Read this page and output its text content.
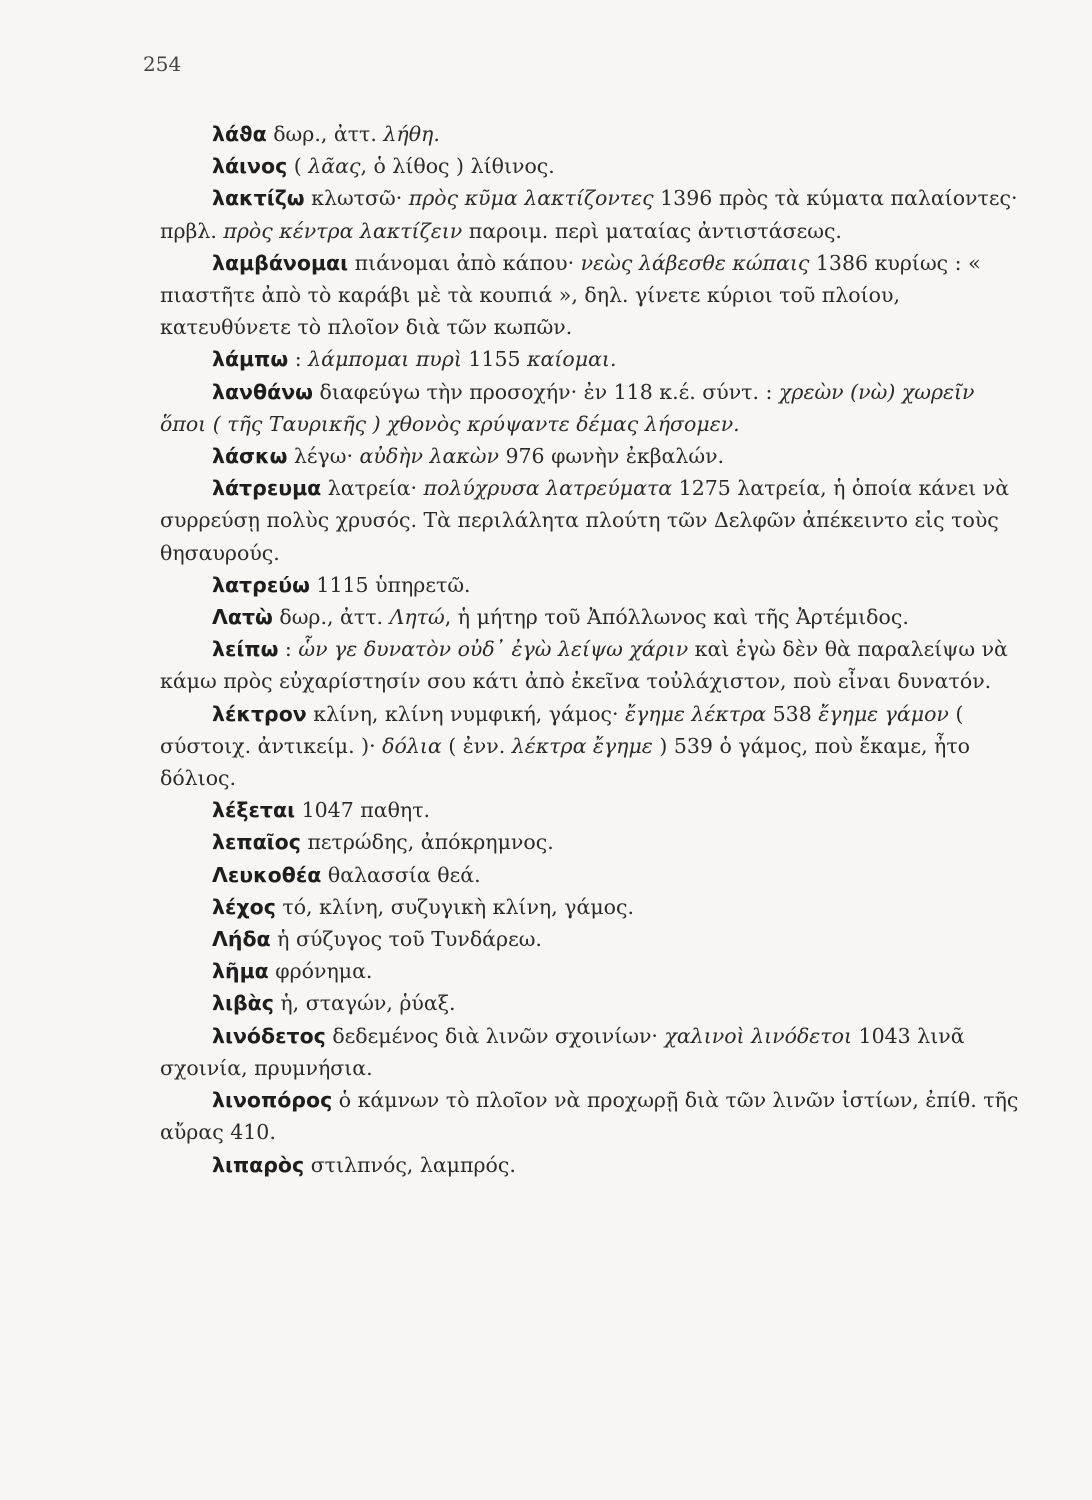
254

λάϑα δωρ., ἀττ. λήθη.

λάινος ( λᾶας, ὁ λίθος ) λίθινος.

λακτίζω κλωτσῶ· πρὸς κῦμα λακτίζοντες 1396 πρὸς τὰ κύματα παλαίοντες· πρβλ. πρὸς κέντρα λακτίζειν παροιμ. περὶ ματαίας ἀντιστάσεως.

λαμβάνομαι πιάνομαι ἀπὸ κάπου· νεὼς λάβεσθε κώπαις 1386 κυρίως : « πιαστῆτε ἀπὸ τὸ καράβι μὲ τὰ κουπιά », δηλ. γίνετε κύριοι τοῦ πλοίου, κατευθύνετε τὸ πλοῖον διὰ τῶν κωπῶν.

λάμπω : λάμπομαι πυρὶ 1155 καίομαι.

λανθάνω διαφεύγω τὴν προσοχήν· ἐν 118 κ.έ. σύντ. : χρεὼν (νὼ) χωρεῖν ὅποι ( τῆς Ταυρικῆς ) χθονὸς κρύψαντε δέμας λήσομεν.

λάσκω λέγω· αὐδὴν λακὼν 976 φωνὴν ἐκβαλών.

λάτρευμα λατρεία· πολύχρυσα λατρεύματα 1275 λατρεία, ἡ ὁποία κάνει νὰ συρρεύσῃ πολὺς χρυσός. Τὰ περιλάλητα πλούτη τῶν Δελφῶν ἀπέκειντο εἰς τοὺς θησαυρούς.

λατρεύω 1115 ὑπηρετῶ.

Λατὼ δωρ., ἀττ. Λητώ, ἡ μήτηρ τοῦ Ἀπόλλωνος καὶ τῆς Ἀρτέμιδος.

λείπω : ὧν γε δυνατὸν οὐδ᾽ ἐγὼ λείψω χάριν καὶ ἐγὼ δὲν θὰ παραλείψω νὰ κάμω πρὸς εὐχαρίστησίν σου κάτι ἀπὸ ἐκεῖνα τοὐλάχιστον, ποὺ εἶναι δυνατόν.

λέκτρον κλίνη, κλίνη νυμφική, γάμος· ἔγημε λέκτρα 538 ἔγημε γάμον ( σύστοιχ. ἀντικείμ. )· δόλια ( ἐνν. λέκτρα ἔγημε ) 539 ὁ γάμος, ποὺ ἔκαμε, ἦτο δόλιος.

λέξεται 1047 παθητ.

λεπαῖος πετρώδης, ἀπόκρημνος.

Λευκοθέα θαλασσία θεά.

λέχος τό, κλίνη, συζυγικὴ κλίνη, γάμος.

Λήδα ἡ σύζυγος τοῦ Τυνδάρεω.

λῆμα φρόνημα.

λιβὰς ἡ, σταγών, ῥύαξ.

λινόδετος δεδεμένος διὰ λινῶν σχοινίων· χαλινοὶ λινόδετοι 1043 λινᾶ σχοινία, πρυμνήσια.

λινοπόρος ὁ κάμνων τὸ πλοῖον νὰ προχωρῇ διὰ τῶν λινῶν ἱστίων, ἐπίθ. τῆς αὔρας 410.

λιπαρὸς στιλπνός, λαμπρός.
